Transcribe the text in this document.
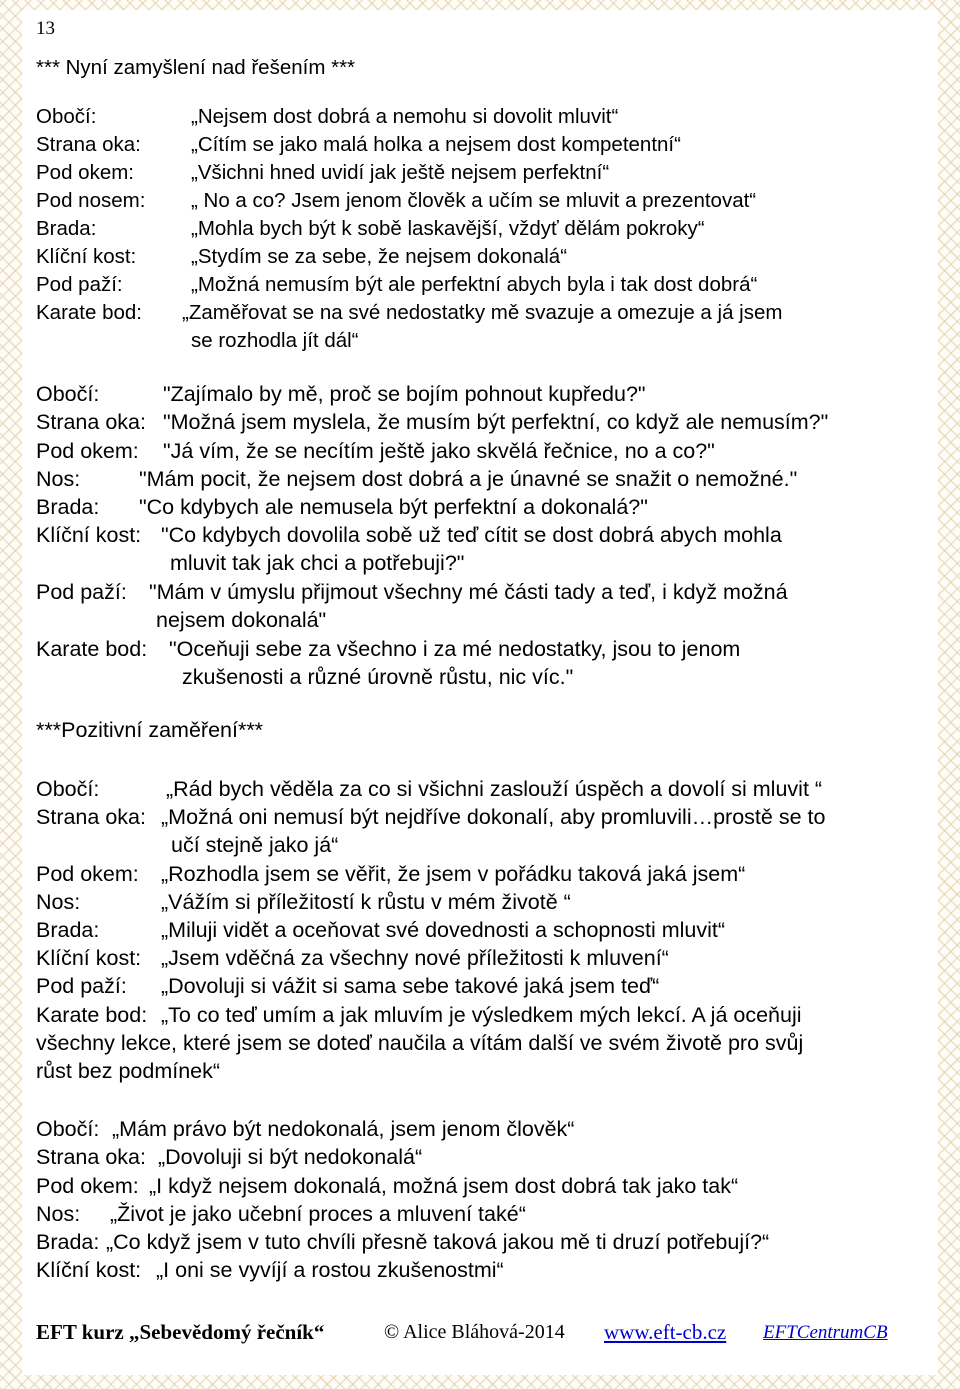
13
*** Nyní zamyšlení nad řešením ***
Obočí:	„Nejsem dost dobrá a nemohu si dovolit mluvit“
Strana oka: „Cítím se jako malá holka a nejsem dost kompetentní“
Pod okem:	„Všichni hned uvidí jak ještě nejsem perfektní“
Pod nosem: „ No a co? Jsem jenom člověk a učím se mluvit a prezentovat“
Brada:	„Mohla bych být k sobě laskavější, vždyť dělám pokroky“
Klíční kost:	„Stydím se za sebe, že nejsem dokonalá“
Pod paží:	„Možná nemusím být ale perfektní abych byla i tak dost dobrá“
Karate bod: „Zaměřovat se na své nedostatky mě svazuje a omezuje a já jsem
se rozhodla jít dál“
Obočí:	"Zajímalo by mě, proč se bojím pohnout kupředu?"
Strana oka: "Možná jsem myslela, že musím být perfektní, co když ale nemusím?"
Pod okem: "Já vím, že se necítím ještě jako skvělá řečnice, no a co?"
Nos:	"Mám pocit, že nejsem dost dobrá a je únavné se snažit o nemožné."
Brada: "Co kdybych ale nemusela být perfektní a dokonalá?"
Klíční kost: "Co kdybych dovolila sobě už teď cítit se dost dobrá abych mohla
mluvit tak jak chci a potřebuji?"
Pod paží: "Mám v úmyslu přijmout všechny mé části tady a teď, i když možná
nejsem dokonalá"
Karate bod: "Oceňuji sebe za všechno i za mé nedostatky, jsou to jenom
zkušenosti a různé úrovně růstu, nic víc."
***Pozitivní zaměření***
Obočí:	„Rád bych věděla za co si všichni zaslouží úspěch a dovolí si mluvit “
Strana oka: „Možná oni nemusí být nejdříve dokonalí, aby promluvili…prostě se to
učí stejně jako já“
Pod okem: „Rozhodla jsem se věřit, že jsem v pořádku taková jaká jsem“
Nos:	„Vážím si příležitostí k růstu v mém životě “
Brada:	„Miluji vidět a oceňovat své dovednosti a schopnosti mluvit“
Klíční kost: „Jsem vděčná za všechny nové příležitosti k mluvení“
Pod paží: „Dovoluji si vážit si sama sebe takové jaká jsem teď“
Karate bod: „To co teď umím a jak mluvím je výsledkem mých lekcí. A já oceňuji
všechny lekce, které jsem se doteď naučila a vítám další ve svém životě pro svůj
růst bez podmínek“
Obočí: „Mám právo být nedokonalá, jsem jenom člověk“
Strana oka: „Dovoluji si být nedokonalá“
Pod okem: „I když nejsem dokonalá, možná jsem dost dobrá tak jako tak“
Nos: „Život je jako učební proces a mluvení také“
Brada: „Co když jsem v tuto chvíli přesně taková jakou mě ti druzí potřebují?“
Klíční kost: „I oni se vyvíjí a rostou zkušenostmi“
EFT kurz „Sebevědomý řečník“	© Alice Bláhová-2014 www.eft-cb.cz EFTCentrumCB
